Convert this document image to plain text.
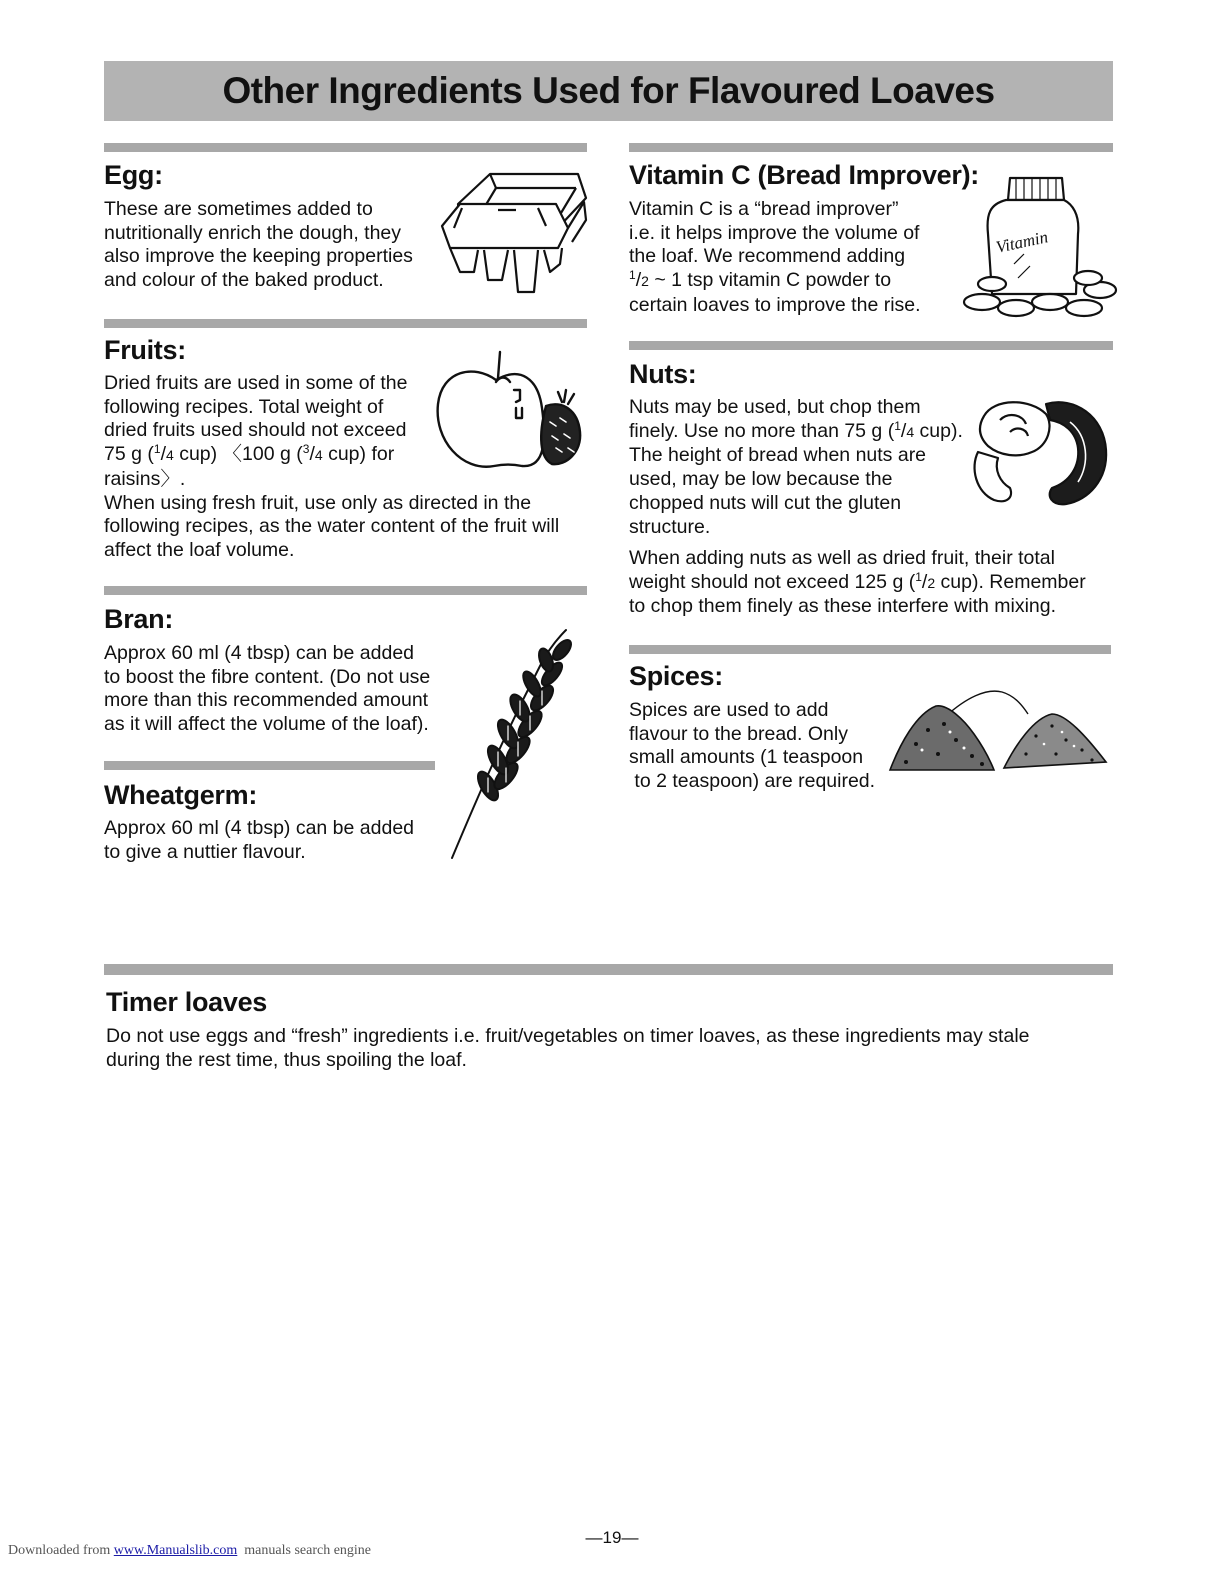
Other Ingredients Used for Flavoured Loaves
Egg:
These are sometimes added to
nutritionally enrich the dough, they
also improve the keeping properties
and colour of the baked product.
Fruits:
Dried fruits are used in some of the
following recipes. Total weight of
dried fruits used should not exceed
75 g ($^1$/4 cup) 〈100 g ($^3$/4 cup) for
raisins〉.
When using fresh fruit, use only as directed in the
following recipes, as the water content of the fruit will
affect the loaf volume.
Bran:
Approx 60 ml (4 tbsp) can be added
to boost the fibre content. (Do not use
more than this recommended amount
as it will affect the volume of the loaf).
Wheatgerm:
Approx 60 ml (4 tbsp) can be added
to give a nuttier flavour.
Vitamin C (Bread Improver):
Vitamin C is a “bread improver”
i.e. it helps improve the volume of
the loaf. We recommend adding
$^1$/2 ~ 1 tsp vitamin C powder to
certain loaves to improve the rise.
Vitamin
Nuts:
Nuts may be used, but chop them
finely. Use no more than 75 g ($^1$/4 cup).
The height of bread when nuts are
used, may be low because the
chopped nuts will cut the gluten
structure.
When adding nuts as well as dried fruit, their total
weight should not exceed 125 g ($^1$/2 cup). Remember
to chop them finely as these interfere with mixing.
Spices:
Spices are used to add
flavour to the bread. Only
small amounts (1 teaspoon
to 2 teaspoon) are required.
Timer loaves
Do not use eggs and “fresh” ingredients i.e. fruit/vegetables on timer loaves, as these ingredients may stale
during the rest time, thus spoiling the loaf.
—19—
Downloaded from www.Manualslib.com  manuals search engine
